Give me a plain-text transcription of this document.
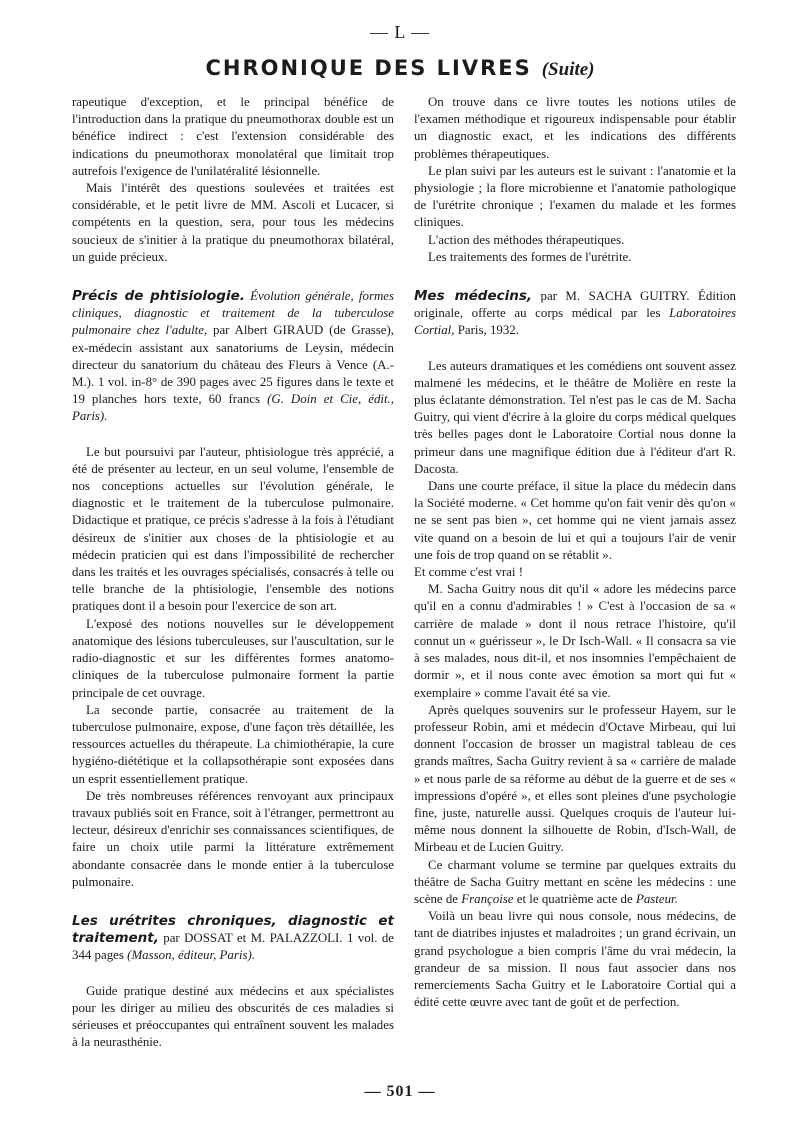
— L —
CHRONIQUE DES LIVRES (Suite)

rapeutique d'exception, et le principal bénéfice de l'introduction dans la pratique du pneumothorax double est un bénéfice indirect : c'est l'extension considérable des indications du pneumothorax monolatéral que limitait trop autrefois l'exigence de l'unilatéralité lésionnelle.

Mais l'intérêt des questions soulevées et traitées est considérable, et le petit livre de MM. Ascoli et Lucacer, si compétents en la question, sera, pour tous les médecins soucieux de s'initier à la pratique du pneumothorax bilatéral, un guide précieux.

Précis de phtisiologie. Évolution générale, formes cliniques, diagnostic et traitement de la tuberculose pulmonaire chez l'adulte, par Albert GIRAUD (de Grasse), ex-médecin assistant aux sanatoriums de Leysin, médecin directeur du sanatorium du château des Fleurs à Vence (A.-M.). 1 vol. in-8° de 390 pages avec 25 figures dans le texte et 19 planches hors texte, 60 francs (G. Doin et Cie, édit., Paris).

Le but poursuivi par l'auteur, phtisiologue très apprécié, a été de présenter au lecteur, en un seul volume, l'ensemble de nos conceptions actuelles sur l'évolution générale, le diagnostic et le traitement de la tuberculose pulmonaire. Didactique et pratique, ce précis s'adresse à la fois à l'étudiant désireux de s'initier aux choses de la phtisiologie et au médecin praticien qui est dans l'impossibilité de rechercher dans les traités et les ouvrages spécialisés, consacrés à telle ou telle branche de la phtisiologie, l'ensemble des notions pratiques dont il a besoin pour l'exercice de son art.

L'exposé des notions nouvelles sur le développement anatomique des lésions tuberculeuses, sur l'auscultation, sur le radio-diagnostic et sur les différentes formes anatomo-cliniques de la tuberculose pulmonaire forment la partie principale de cet ouvrage.

La seconde partie, consacrée au traitement de la tuberculose pulmonaire, expose, d'une façon très détaillée, les ressources actuelles du thérapeute. La chimiothérapie, la cure hygiéno-diététique et la collapsothérapie sont exposées dans un esprit essentiellement pratique.

De très nombreuses références renvoyant aux principaux travaux publiés soit en France, soit à l'étranger, permettront au lecteur, désireux d'enrichir ses connaissances scientifiques, de faire un choix utile parmi la littérature extrêmement abondante consacrée dans le monde entier à la tuberculose pulmonaire.

Les urétrites chroniques, diagnostic et traitement, par DOSSAT et M. PALAZZOLI. 1 vol. de 344 pages (Masson, éditeur, Paris).

Guide pratique destiné aux médecins et aux spécialistes pour les diriger au milieu des obscurités de ces maladies si sérieuses et préoccupantes qui entraînent souvent les malades à la neurasthénie.

On trouve dans ce livre toutes les notions utiles de l'examen méthodique et rigoureux indispensable pour établir un diagnostic exact, et les indications des différents problèmes thérapeutiques.

Le plan suivi par les auteurs est le suivant : l'anatomie et la physiologie ; la flore microbienne et l'anatomie pathologique de l'urétrite chronique ; l'examen du malade et les formes cliniques.

L'action des méthodes thérapeutiques.

Les traitements des formes de l'urétrite.

Mes médecins, par M. SACHA GUITRY. Édition originale, offerte au corps médical par les Laboratoires Cortial, Paris, 1932.

Les auteurs dramatiques et les comédiens ont souvent assez malmené les médecins, et le théâtre de Molière en reste la plus éclatante démonstration. Tel n'est pas le cas de M. Sacha Guitry, qui vient d'écrire à la gloire du corps médical quelques très belles pages dont le Laboratoire Cortial nous donne la primeur dans une magnifique édition due à l'éditeur d'art R. Dacosta.

Dans une courte préface, il situe la place du médecin dans la Société moderne. « Cet homme qu'on fait venir dès qu'on « ne se sent pas bien », cet homme qui ne vient jamais assez vite quand on a besoin de lui et qui a toujours l'air de venir une fois de trop quand on se rétablit ».

Et comme c'est vrai !

M. Sacha Guitry nous dit qu'il « adore les médecins parce qu'il en a connu d'admirables ! » C'est à l'occasion de sa « carrière de malade » dont il nous retrace l'histoire, qu'il connut un « guérisseur », le Dr Isch-Wall. « Il consacra sa vie à ses malades, nous dit-il, et nos insomnies l'empêchaient de dormir », et il nous conte avec émotion sa mort qui fut « exemplaire » comme l'avait été sa vie.

Après quelques souvenirs sur le professeur Hayem, sur le professeur Robin, ami et médecin d'Octave Mirbeau, qui lui donnent l'occasion de brosser un magistral tableau de ces grands maîtres, Sacha Guitry revient à sa « carrière de malade » et nous parle de sa réforme au début de la guerre et de ses « impressions d'opéré », et elles sont pleines d'une psychologie fine, juste, naturelle aussi. Quelques croquis de l'auteur lui-même nous donnent la silhouette de Robin, d'Isch-Wall, de Mirbeau et de Lucien Guitry.

Ce charmant volume se termine par quelques extraits du théâtre de Sacha Guitry mettant en scène les médecins : une scène de Françoise et le quatrième acte de Pasteur.

Voilà un beau livre qui nous console, nous médecins, de tant de diatribes injustes et maladroites ; un grand écrivain, un grand psychologue a bien compris l'âme du vrai médecin, la grandeur de sa mission. Il nous faut associer dans nos remerciements Sacha Guitry et le Laboratoire Cortial qui a édité cette œuvre avec tant de goût et de perfection.

— 501 —
